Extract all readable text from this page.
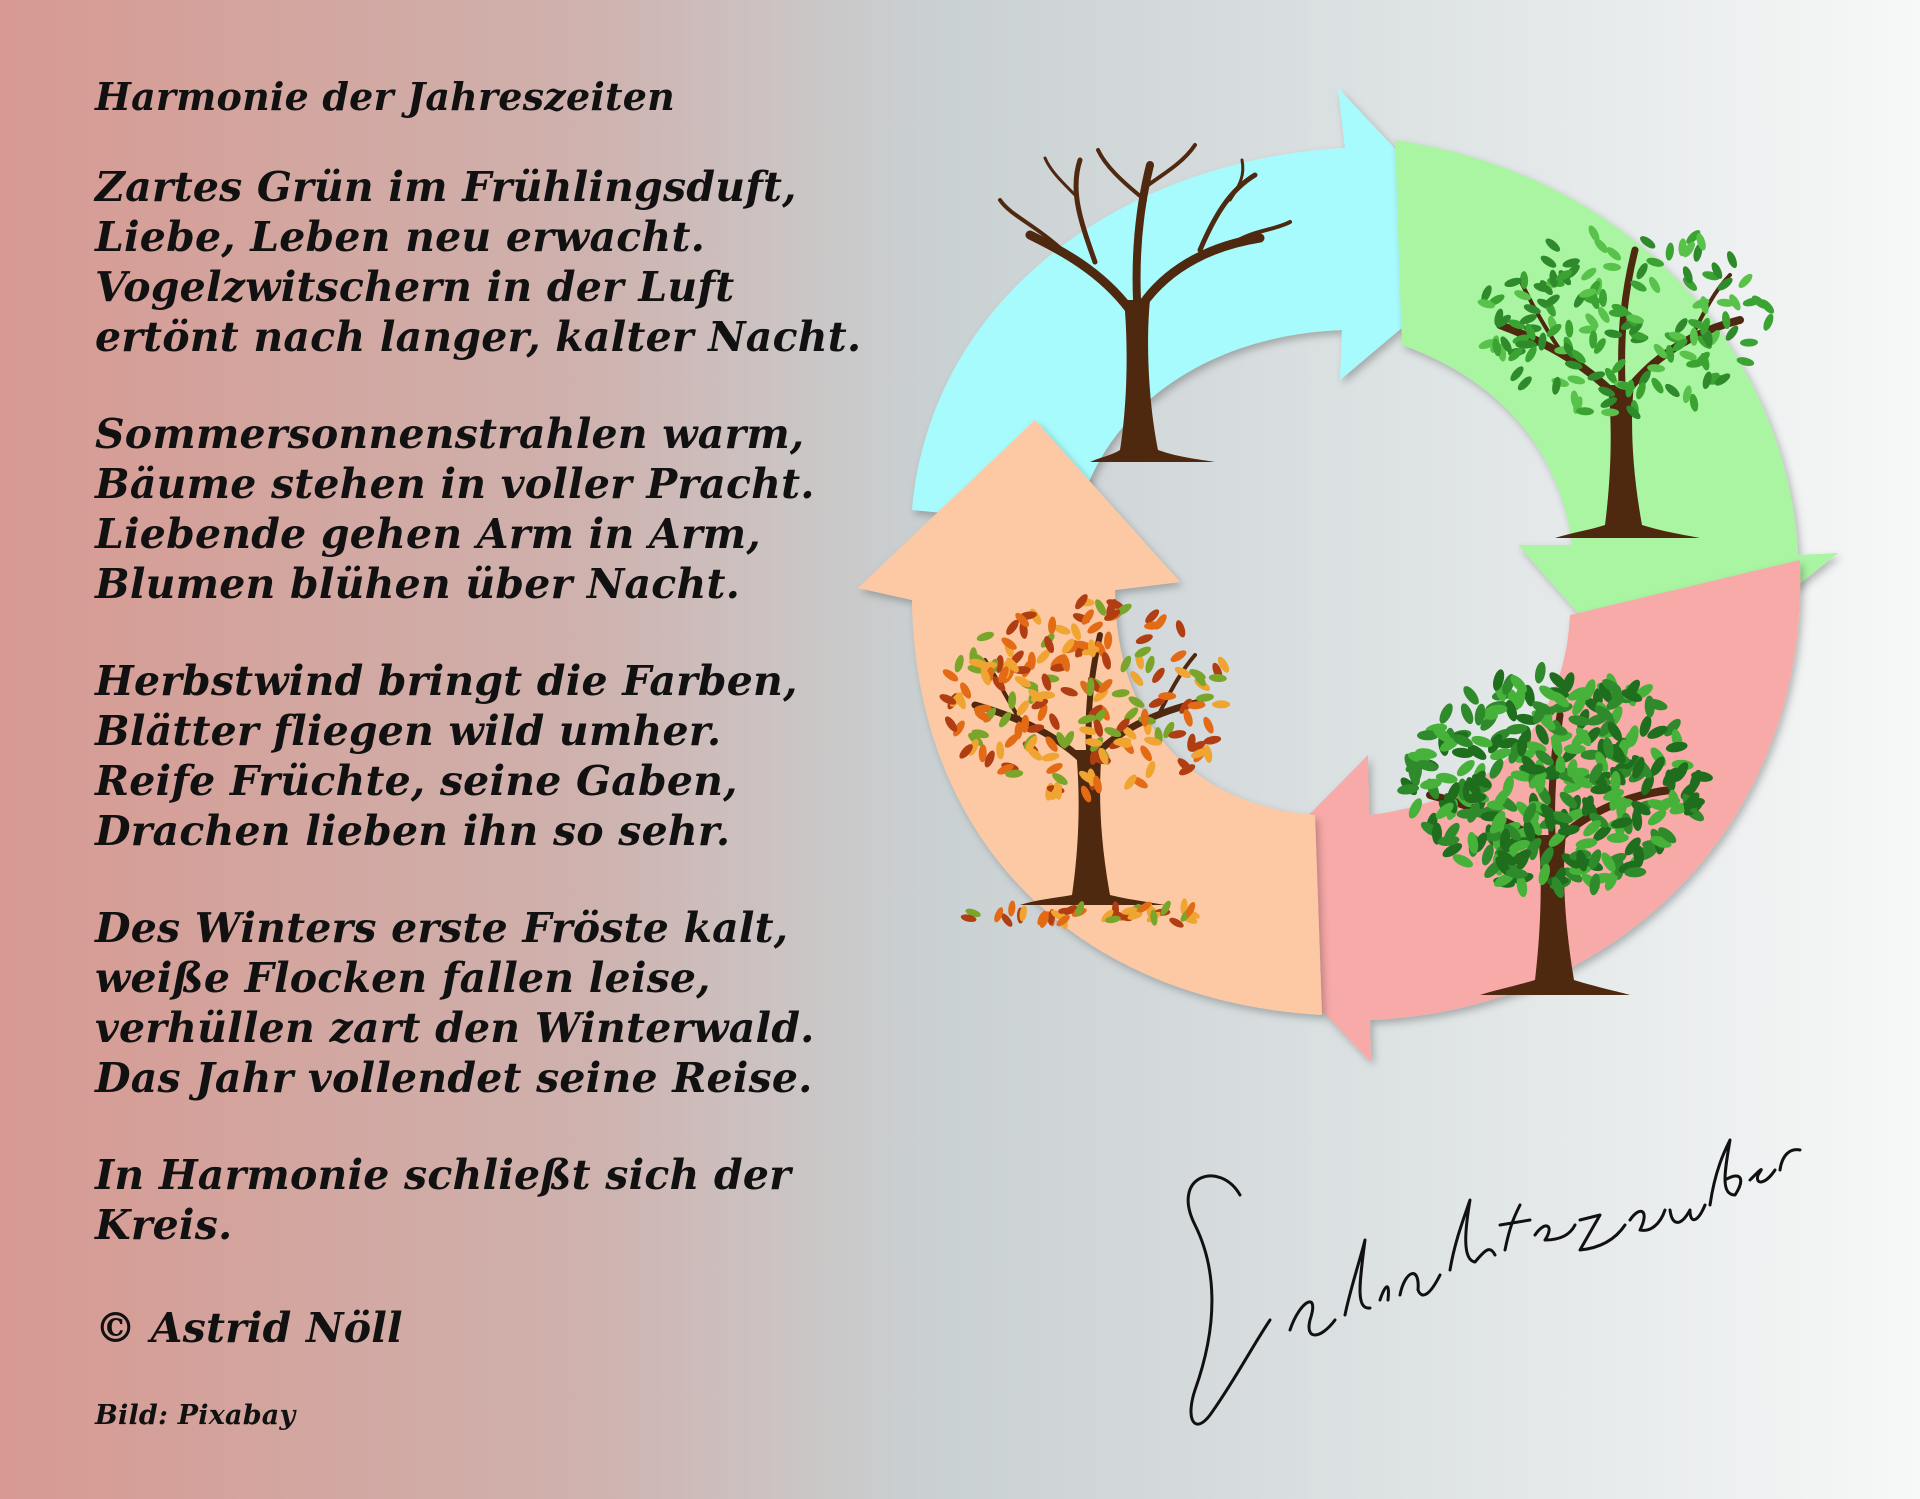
Harmonie der Jahreszeiten
Zartes Grün im Frühlingsduft,
Liebe, Leben neu erwacht.
Vogelzwitschern in der Luft
ertönt nach langer, kalter Nacht.
Sommersonnenstrahlen warm,
Bäume stehen in voller Pracht.
Liebende gehen Arm in Arm,
Blumen blühen über Nacht.
Herbstwind bringt die Farben,
Blätter fliegen wild umher.
Reife Früchte, seine Gaben,
Drachen lieben ihn so sehr.
Des Winters erste Fröste kalt,
weiße Flocken fallen leise,
verhüllen zart den Winterwald.
Das Jahr vollendet seine Reise.
In Harmonie schließt sich der Kreis.
© Astrid Nöll
Bild: Pixabay
